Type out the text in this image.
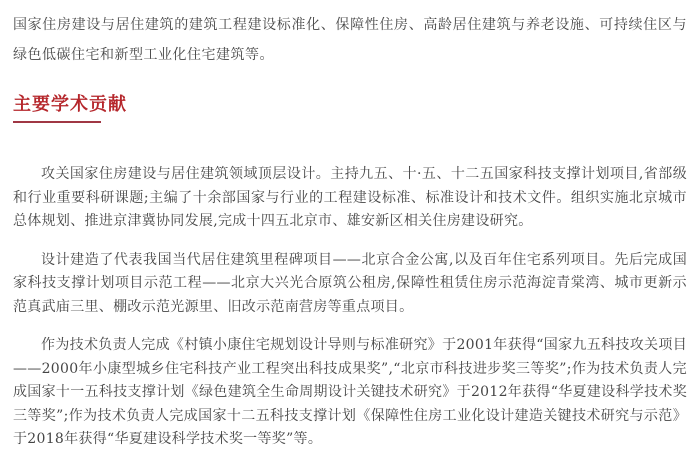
国家住房建设与居住建筑的建筑工程建设标准化、保障性住房、高龄居住建筑与养老设施、可持续住区与绿色低碳住宅和新型工业化住宅建筑等。

主要学术贡献

攻关国家住房建设与居住建筑领域顶层设计。主持九五、十·五、十二五国家科技支撑计划项目,省部级和行业重要科研课题;主编了十余部国家与行业的工程建设标准、标准设计和技术文件。组织实施北京城市总体规划、推进京津冀协同发展,完成十四五北京市、雄安新区相关住房建设研究。

设计建造了代表我国当代居住建筑里程碑项目——北京合金公寓,以及百年住宅系列项目。先后完成国家科技支撑计划项目示范工程——北京大兴光合原筑公租房,保障性租赁住房示范海淀青棠湾、城市更新示范真武庙三里、棚改示范光源里、旧改示范南营房等重点项目。

作为技术负责人完成《村镇小康住宅规划设计导则与标准研究》于2001年获得“国家九五科技攻关项目——2000年小康型城乡住宅科技产业工程突出科技成果奖”,“北京市科技进步奖三等奖”;作为技术负责人完成国家十一五科技支撑计划《绿色建筑全生命周期设计关键技术研究》于2012年获得“华夏建设科学技术奖三等奖”;作为技术负责人完成国家十二五科技支撑计划《保障性住房工业化设计建造关键技术研究与示范》于2018年获得“华夏建设科学技术奖一等奖”等。
